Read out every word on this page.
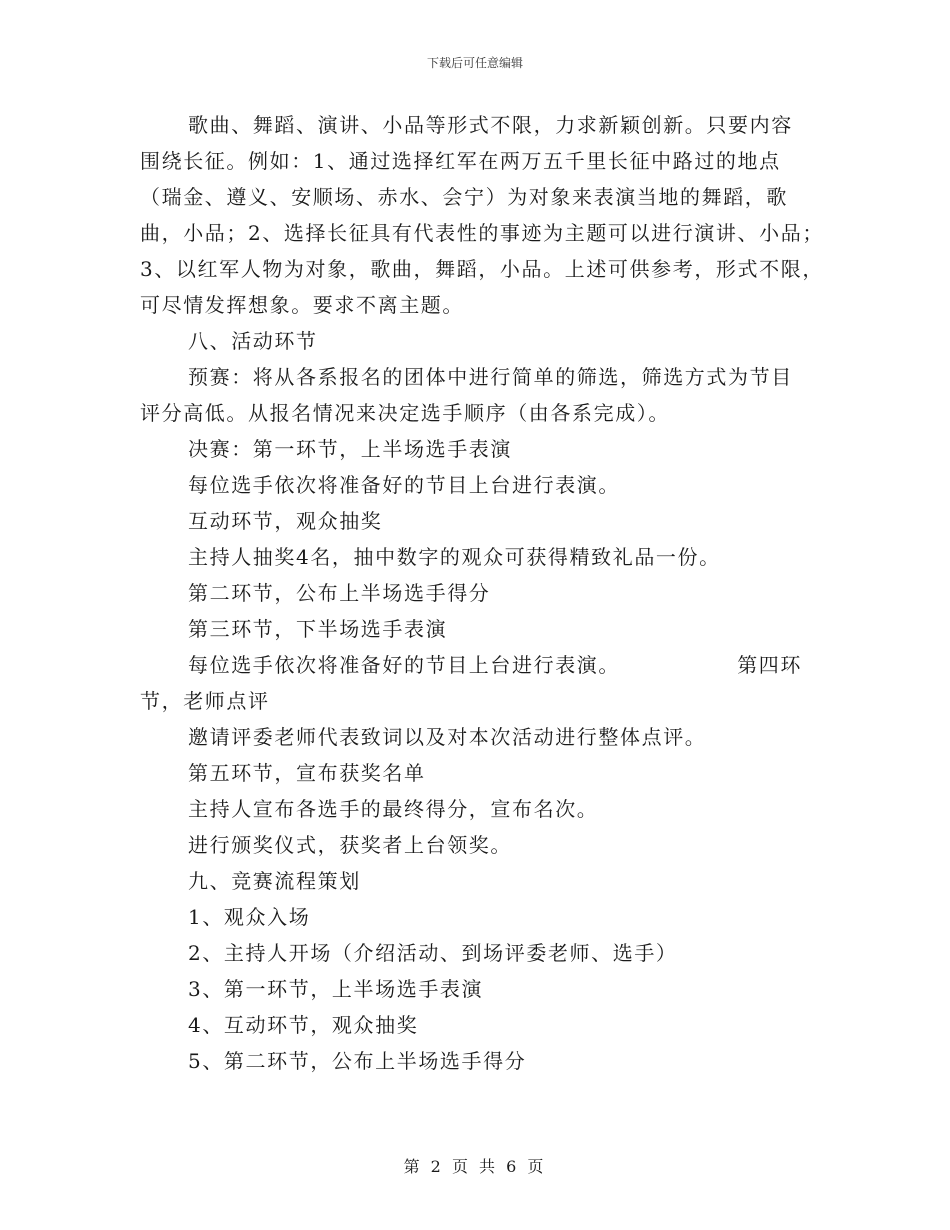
下载后可任意编辑
歌曲、舞蹈、演讲、小品等形式不限，力求新颖创新。只要内容
围绕长征。例如：1、通过选择红军在两万五千里长征中路过的地点
（瑞金、遵义、安顺场、赤水、会宁）为对象来表演当地的舞蹈，歌
曲，小品；2、选择长征具有代表性的事迹为主题可以进行演讲、小品；
3、以红军人物为对象，歌曲，舞蹈，小品。上述可供参考，形式不限，
可尽情发挥想象。要求不离主题。
八、活动环节
预赛：将从各系报名的团体中进行简单的筛选，筛选方式为节目
评分高低。从报名情况来决定选手顺序（由各系完成）。
决赛：第一环节，上半场选手表演
每位选手依次将准备好的节目上台进行表演。
互动环节，观众抽奖
主持人抽奖4名，抽中数字的观众可获得精致礼品一份。
第二环节，公布上半场选手得分
第三环节，下半场选手表演
每位选手依次将准备好的节目上台进行表演。	第四环
节，老师点评
邀请评委老师代表致词以及对本次活动进行整体点评。
第五环节，宣布获奖名单
主持人宣布各选手的最终得分，宣布名次。
进行颁奖仪式，获奖者上台领奖。
九、竞赛流程策划
1、观众入场
2、主持人开场（介绍活动、到场评委老师、选手）
3、第一环节，上半场选手表演
4、互动环节，观众抽奖
5、第二环节，公布上半场选手得分
第 2 页 共 6 页
